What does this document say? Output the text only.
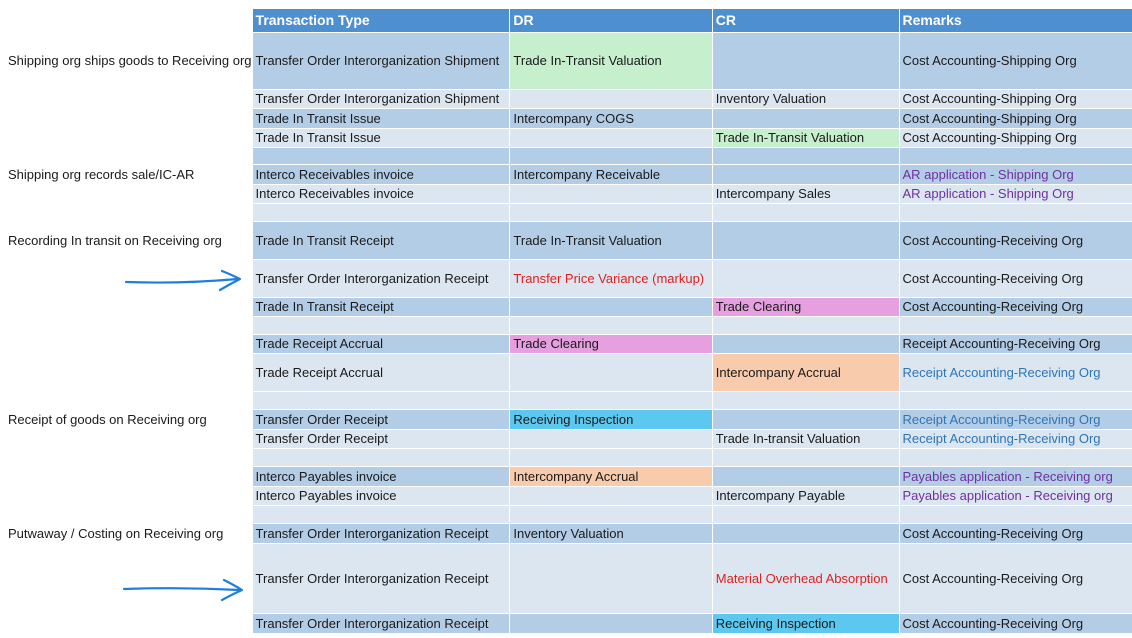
	Transaction Type	DR	CR	Remarks
Shipping org ships goods to Receiving org	Transfer Order Interorganization Shipment	Trade In-Transit Valuation		Cost Accounting-Shipping Org
	Transfer Order Interorganization Shipment		Inventory Valuation	Cost Accounting-Shipping Org
	Trade In Transit Issue	Intercompany COGS		Cost Accounting-Shipping Org
	Trade In Transit Issue		Trade In-Transit Valuation	Cost Accounting-Shipping Org

Shipping org records sale/IC-AR	Interco Receivables invoice	Intercompany Receivable		AR application - Shipping Org
	Interco Receivables invoice		Intercompany Sales	AR application - Shipping Org

Recording In transit on Receiving org	Trade In Transit Receipt	Trade In-Transit Valuation		Cost Accounting-Receiving Org
	Transfer Order Interorganization Receipt	Transfer Price Variance (markup)		Cost Accounting-Receiving Org
	Trade In Transit Receipt		Trade Clearing	Cost Accounting-Receiving Org

	Trade Receipt Accrual	Trade Clearing		Receipt Accounting-Receiving Org
	Trade Receipt Accrual		Intercompany Accrual	Receipt Accounting-Receiving Org

Receipt of goods on Receiving org	Transfer Order Receipt	Receiving Inspection		Receipt Accounting-Receiving Org
	Transfer Order Receipt		Trade In-transit Valuation	Receipt Accounting-Receiving Org

	Interco Payables invoice	Intercompany Accrual		Payables application - Receiving org
	Interco Payables invoice		Intercompany Payable	Payables application - Receiving org

Putwaway / Costing on Receiving org	Transfer Order Interorganization Receipt	Inventory Valuation		Cost Accounting-Receiving Org
	Transfer Order Interorganization Receipt		Material Overhead Absorption	Cost Accounting-Receiving Org
	Transfer Order Interorganization Receipt		Receiving Inspection	Cost Accounting-Receiving Org
